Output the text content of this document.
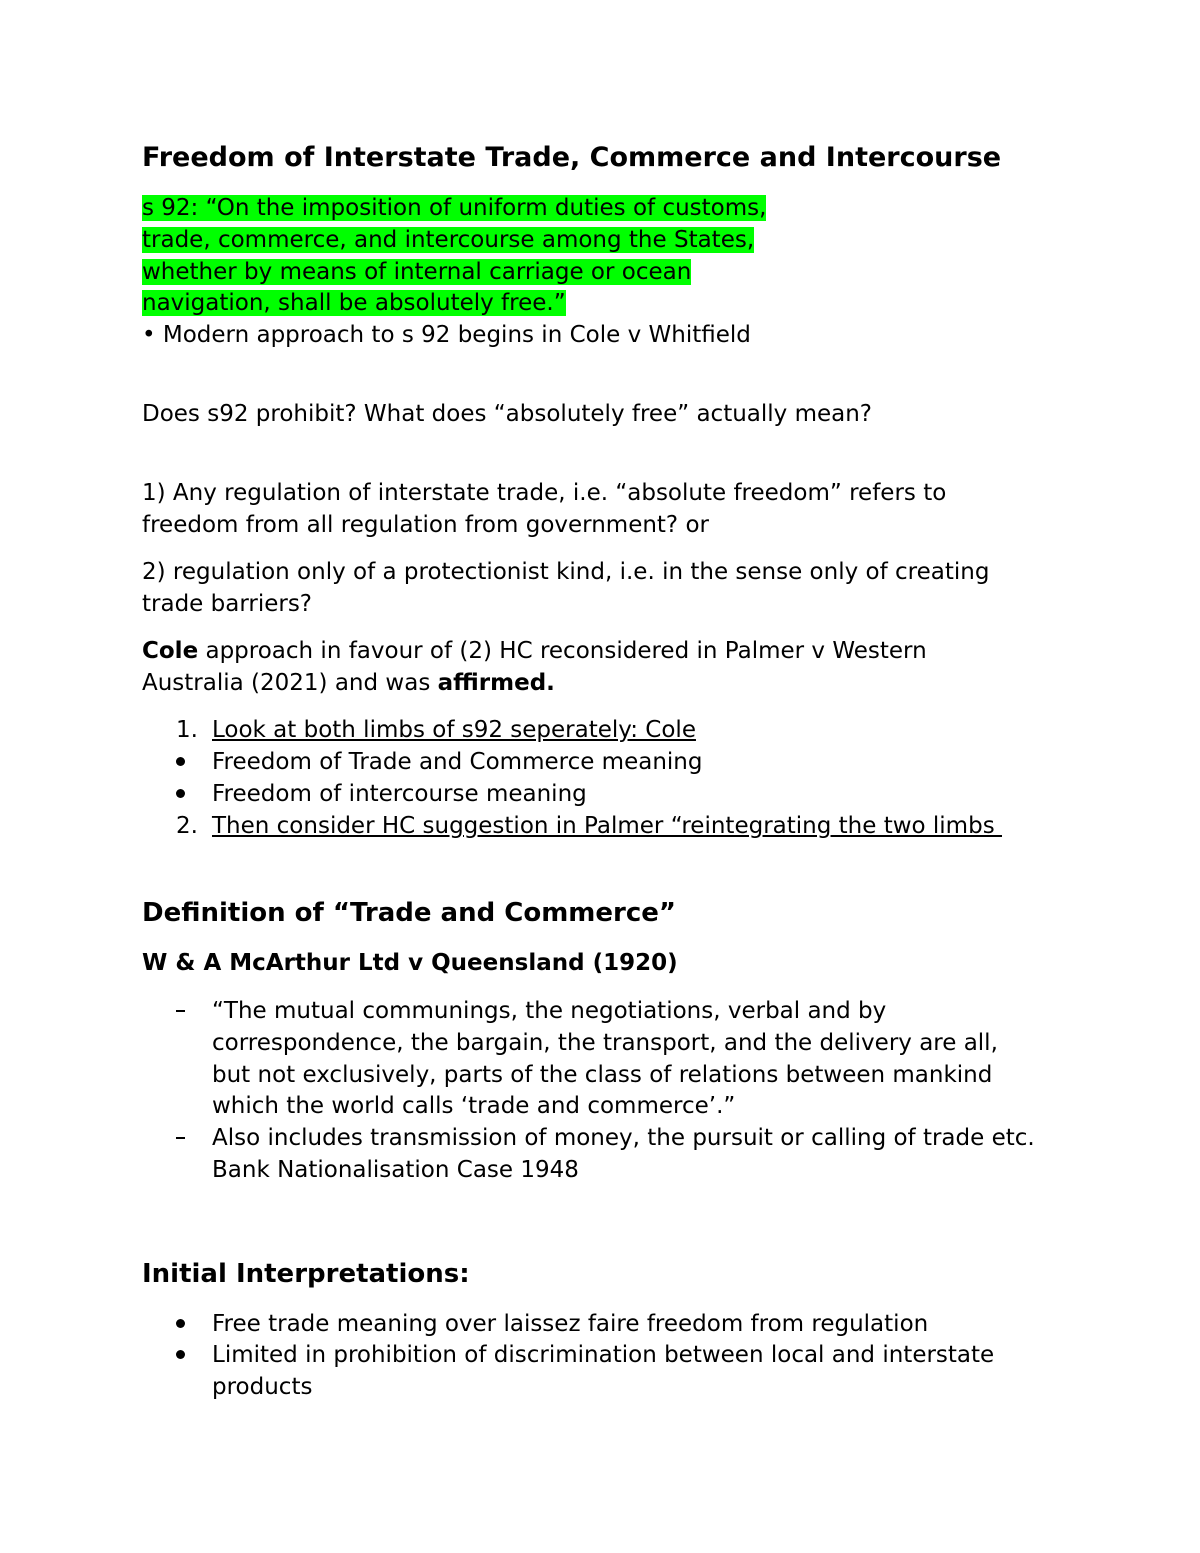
Freedom of Interstate Trade, Commerce and Intercourse
s 92: “On the imposition of uniform duties of customs,
trade, commerce, and intercourse among the States,
whether by means of internal carriage or ocean
navigation, shall be absolutely free.”
• Modern approach to s 92 begins in Cole v Whitfield
Does s92 prohibit? What does “absolutely free” actually mean?
1) Any regulation of interstate trade, i.e. “absolute freedom” refers to
freedom from all regulation from government? or
2) regulation only of a protectionist kind, i.e. in the sense only of creating
trade barriers?
Cole approach in favour of (2) HC reconsidered in Palmer v Western
Australia (2021) and was affirmed.
1. Look at both limbs of s92 seperately: Cole
Freedom of Trade and Commerce meaning
Freedom of intercourse meaning
2. Then consider HC suggestion in Palmer “reintegrating the two limbs
Definition of “Trade and Commerce”
W & A McArthur Ltd v Queensland (1920)
“The mutual communings, the negotiations, verbal and by
correspondence, the bargain, the transport, and the delivery are all,
but not exclusively, parts of the class of relations between mankind
which the world calls ‘trade and commerce’.”
Also includes transmission of money, the pursuit or calling of trade etc.
Bank Nationalisation Case 1948
Initial Interpretations:
Free trade meaning over laissez faire freedom from regulation
Limited in prohibition of discrimination between local and interstate
products
